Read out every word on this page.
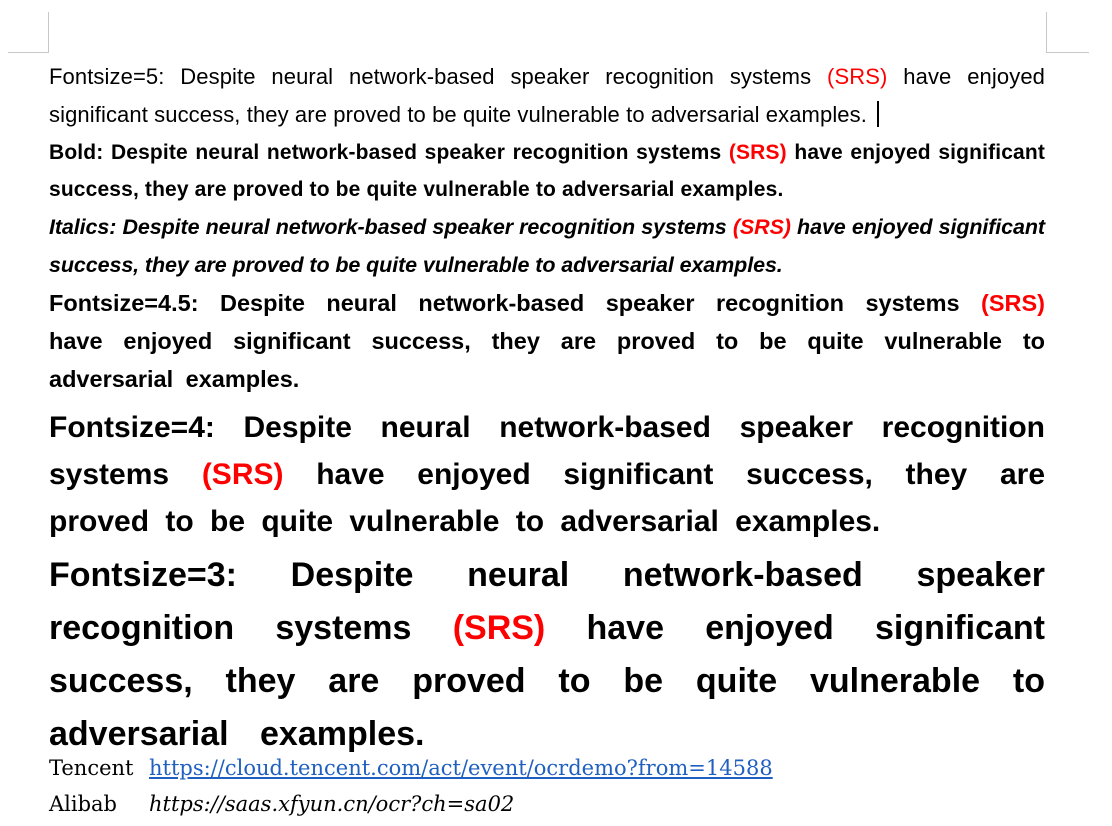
Fontsize=5: Despite neural network-based speaker recognition systems (SRS) have enjoyed significant success, they are proved to be quite vulnerable to adversarial examples.

Bold: Despite neural network-based speaker recognition systems (SRS) have enjoyed significant success, they are proved to be quite vulnerable to adversarial examples.

Italics: Despite neural network-based speaker recognition systems (SRS) have enjoyed significant success, they are proved to be quite vulnerable to adversarial examples.

Fontsize=4.5: Despite neural network-based speaker recognition systems (SRS) have enjoyed significant success, they are proved to be quite vulnerable to adversarial examples.

Fontsize=4: Despite neural network-based speaker recognition systems (SRS) have enjoyed significant success, they are proved to be quite vulnerable to adversarial examples.

Fontsize=3: Despite neural network-based speaker recognition systems (SRS) have enjoyed significant success, they are proved to be quite vulnerable to adversarial examples.

Tencent https://cloud.tencent.com/act/event/ocrdemo?from=14588
Alibab https://saas.xfyun.cn/ocr?ch=sa02
